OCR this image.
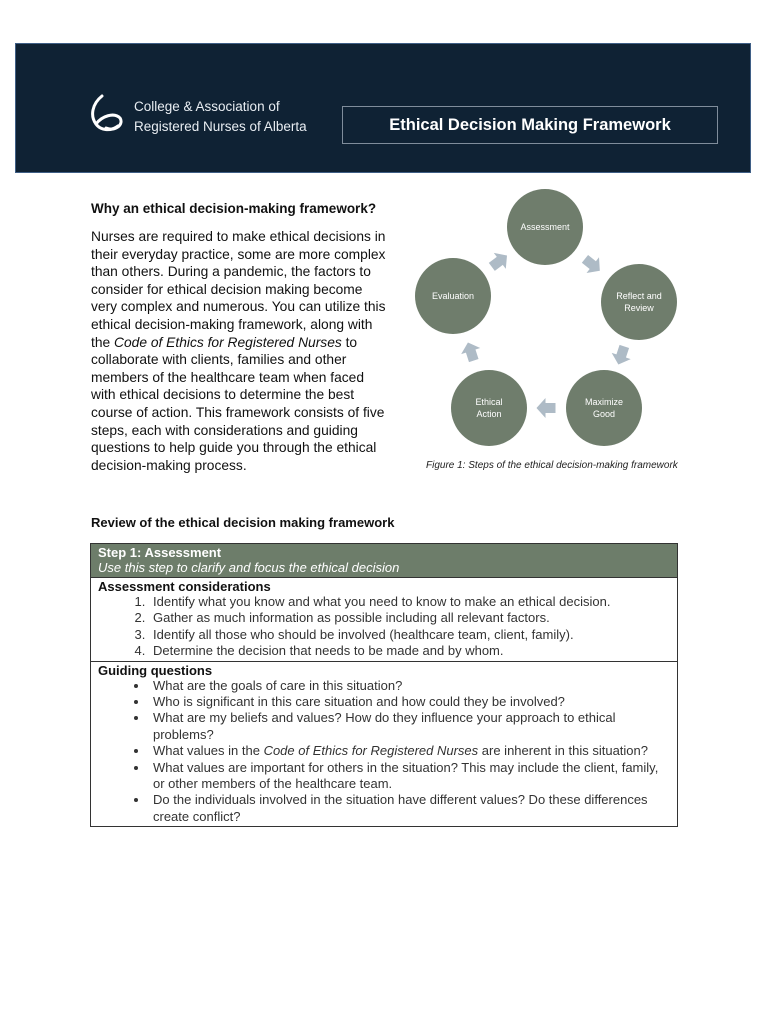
College & Association of
Registered Nurses of Alberta	Ethical Decision Making Framework
Why an ethical decision-making framework?

Nurses are required to make ethical decisions in their everyday practice, some are more complex than others. During a pandemic, the factors to consider for ethical decision making become very complex and numerous. You can utilize this ethical decision-making framework, along with the Code of Ethics for Registered Nurses to collaborate with clients, families and other members of the healthcare team when faced with ethical decisions to determine the best course of action. This framework consists of five steps, each with considerations and guiding questions to help guide you through the ethical decision-making process.

Assessment
Reflect and Review
Maximize Good
Ethical Action
Evaluation
Figure 1: Steps of the ethical decision-making framework
Review of the ethical decision making framework
Step 1: Assessment
Use this step to clarify and focus the ethical decision
Assessment considerations
1. Identify what you know and what you need to know to make an ethical decision.
2. Gather as much information as possible including all relevant factors.
3. Identify all those who should be involved (healthcare team, client, family).
4. Determine the decision that needs to be made and by whom.
Guiding questions
• What are the goals of care in this situation?
• Who is significant in this care situation and how could they be involved?
• What are my beliefs and values? How do they influence your approach to ethical problems?
• What values in the Code of Ethics for Registered Nurses are inherent in this situation?
• What values are important for others in the situation? This may include the client, family, or other members of the healthcare team.
• Do the individuals involved in the situation have different values? Do these differences create conflict?
